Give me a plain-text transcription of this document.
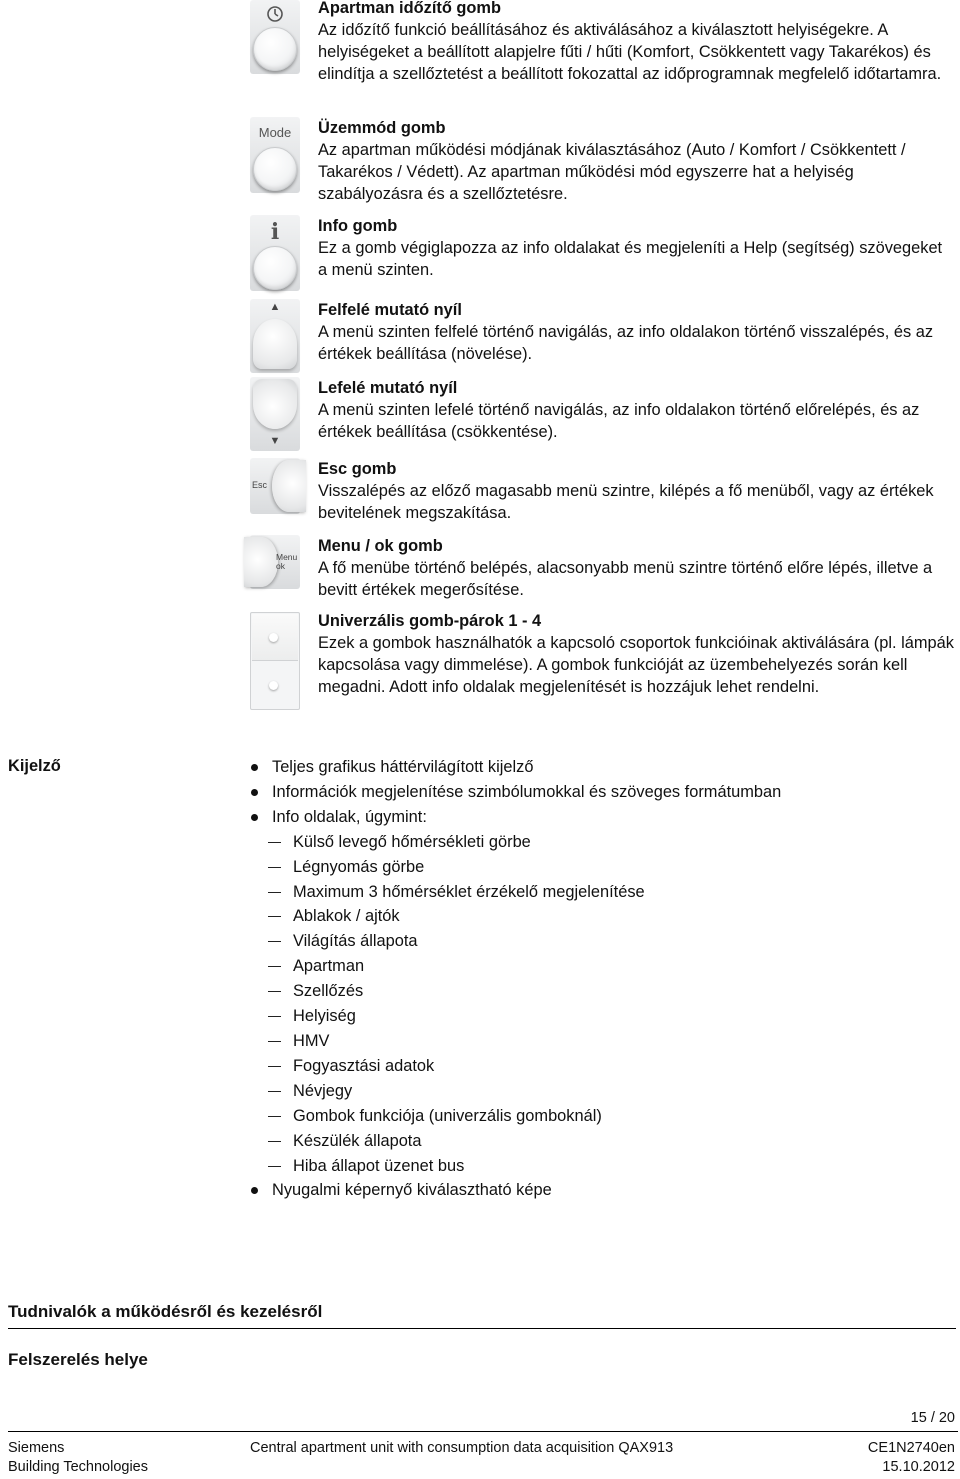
Apartman időzítő gomb
Az időzítő funkció beállításához és aktiválásához a kiválasztott helyiségekre. A helyiségeket a beállított alapjelre fűti / hűti (Komfort, Csökkentett vagy Takarékos) és elindítja a szellőztetést a beállított fokozattal az időprogramnak megfelelő időtartamra.
Mode	Üzemmód gomb
Az apartman működési módjának kiválasztásához (Auto / Komfort / Csökkentett / Takarékos / Védett). Az apartman működési mód egyszerre hat a helyiség szabályozásra és a szellőztetésre.
i	Info gomb
Ez a gomb végiglapozza az info oldalakat és megjeleníti a Help (segítség) szövegeket a menü szinten.
▲	Felfelé mutató nyíl
A menü szinten felfelé történő navigálás, az info oldalakon történő visszalépés, és az értékek beállítása (növelése).
▼
Lefelé mutató nyíl
A menü szinten lefelé történő navigálás, az info oldalakon történő előrelépés, és az értékek beállítása (csökkentése).
Esc
Esc gomb
Visszalépés az előző magasabb menü szintre, kilépés a fő menüből, vagy az értékek bevitelének megszakítása.
Menu ok
Menu / ok gomb
A fő menübe történő belépés, alacsonyabb menü szintre történő előre lépés, illetve a bevitt értékek megerősítése.
Univerzális gomb-párok 1 - 4
Ezek a gombok használhatók a kapcsoló csoportok funkcióinak aktiválására (pl. lámpák kapcsolása vagy dimmelése). A gombok funkcióját az üzembehelyezés során kell megadni. Adott info oldalak megjelenítését is hozzájuk lehet rendelni.
Kijelző	Teljes grafikus háttérvilágított kijelző
Információk megjelenítése szimbólumokkal és szöveges formátumban
Info oldalak, úgymint:
Külső levegő hőmérsékleti görbe
Légnyomás görbe
Maximum 3 hőmérséklet érzékelő megjelenítése
Ablakok / ajtók
Világítás állapota
Apartman
Szellőzés
Helyiség
HMV
Fogyasztási adatok
Névjegy
Gombok funkciója (univerzális gomboknál)
Készülék állapota
Hiba állapot üzenet bus
Nyugalmi képernyő kiválasztható képe
Tudnivalók a működésről és kezelésről
Felszerelés helye
15 / 20
Siemens
Building Technologies
Central apartment unit with consumption data acquisition QAX913	CE1N2740en
15.10.2012
